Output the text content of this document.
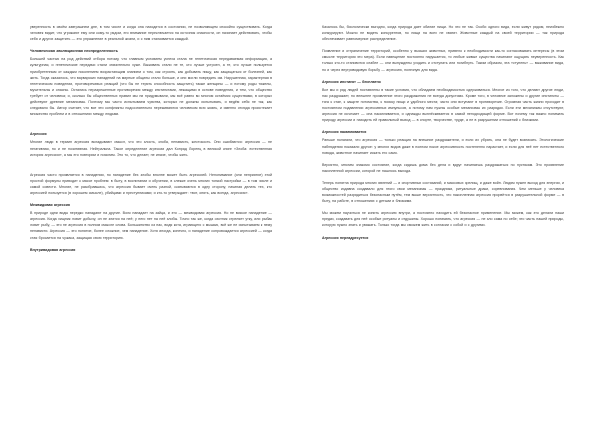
уверенность в своём завтрашнем дне, в том числе и когда она находится в состоянии, не позволяющем спокойно существовать. Когда человек видит, что угрожают ему или кому-то рядом, его внимание переключается на источник опасности, он начинает действовать, чтобы себя и других защитить — это упражнение в реальной жизни, и с ним сталкивается каждый.

Человеческая эволюционная неопределенность

Большей частью на род действий отбора потому, что главным условием успеха стала не генетическая передаваемая информация, а культурная, и генетические передачи стали значительно хуже. Выживать стали не те, кто лучше устроен, а те, кто лучше пользуется приобретенным от каждым поколением возрастающим знанием о том, как строить, как добывать пищу, как защищаться от болезней, как жить. Тогда оказалось, что варварских нападений на мирные общины стало больше, и они могли повредить им. Нарушенная, характерная в генетическом поведении, противоречивых реакций (что бы не терять способность защитить) также женщины — и потому роды тяжелы, мучительны и опасны. Остались неразрешенные противоречия между инстинктами, лежащими в основе поведения, и тем, что общество требует от человека; и, сколько бы общественных правил мы ни придумывали, мы всё равно во многом остаёмся существами, в которых действуют древние механизмы. Поэтому мы часто испытываем чувства, которых не должны испытывать, и ведём себя не так, как следовало бы. Автор считает, что все эти конфликты подсознательно переживаются человеком всю жизнь, и именно отсюда проистекает множество проблем и в отношениях между людьми.

Агрессия

Многие люди в термин агрессия вкладывают смысл, что это злость, злоба, ненависть, жестокость. Они ошибаются: агрессия — не негативная, но и не позитивная. Нейтральна. Такое определение агрессии дал Конрад Лоренц в великой книге «Злоба: естественная история агрессии», а мы его повторим и поясним. Это то, что делает, не иначе, чтобы жить.

Агрессия часто проявляется в нападении, но нападение без злобы вполне может быть агрессией. Непонимание (или неприятие) этой простой формулы приводит к массе проблем: в быту, в воспитании и обучении, в слежке очень многих тонкой настройки — в том числе и самой совести. Многие, не разобравшись, что агрессия бывает очень разной, скатываются в одну сторону, начиная делать тех, кто агрессией пользуется (в хорошем смысле), убийцами и преступниками; и кто-то утверждает: «вот, опять, как всегда, агрессия».

Межвидовая агрессия

В природе одни виды нередко нападают на другие. Волк нападает на зайца, и это — межвидовая агрессия. Но не всякое нападение — агрессия. Когда хищник ловит добычу, он не злится на неё; у него нет на неё злобы. Точно так же, когда охотник стреляет утку, или рыбак ловит рыбу, — это не агрессия в полном смысле слова. Большинство из нас, видя кота, играющего с мышью, всё же не испытываем к нему ненависти. Агрессия — это понятие, более сложное, чем нападение. Хотя иногда, конечно, и нападение сопровождается агрессией — когда стая бросается на чужака, защищая свою территорию.

Внутривидовая агрессия

Казалось бы, биологически выгодно, когда природа дает обилие пищи. Но это не так. Особи одного вида, если живут рядом, неизбежно конкурируют. Можно не видеть конкурентов, но пищи на всех не хватит. Животные каждый на своей территории — так природа обеспечивает равномерное распределение.

Появление и отграничение территорий, особенно у высших животных, привело к необходимости как-то согласовывать интересы (в этом смысле территория это мера). Если навещение постоянно нарушается, то любые живые существа начинают ощущать неуверенность. Как только кто-то становится слабее — они вынуждены уходить и отступать или погибнуть. Таким образом, эта «ступень» — выживание вида, но и через внутривидовую борьбу — агрессию, полезную для вида.

Агрессия инстинкт — бесплатно

Все мы и ряд людей поставлены в такие условия, что обладаем необходимостью сдерживаться. Многое из того, что делают другие люди, нас раздражает, но внешнее проявление этого раздражения не всегда допустимо. Кроме того, в человеке заложены и другие инстинкты — тяга к стае, к защите потомства, к поиску пищи и удобного места; часто они вступают в противоречие. Огромная часть жизни проходит в постоянном подавлении агрессивных импульсов, а потому нам нужны особые механизмы их разрядки. Если эти механизмы отсутствуют, агрессия не исчезает — она накапливается, и однажды выплёскивается в самой неподходящей форме. Вот почему так важно понимать природу агрессии и находить ей правильный выход — в спорте, творчестве, труде, а не в разрушении отношений с близкими.

Агрессия накапливается

Раньше полагали, что агрессия — только реакция на внешние раздражители, и если их убрать, она не будет возникать. Этологические наблюдения показали другое: у многих видов даже в полном покое агрессивность постепенно нарастает, и если для неё нет естественного повода, животное начинает искать его само.

Вероятно, многим знакомо состояние, когда сидишь дома без дела и вдруг начинаешь раздражаться по пустякам. Это проявление накопленной агрессии, которой не нашлось выхода.

Теперь понятна природа многих явлений — и спортивных состязаний, и массовых зрелищ, и даже войн. Людям нужен выход для энергии, и общество издавна создавало для этого свои механизмы — праздники, ритуальные драки, соревнования. Чем меньше у человека возможностей разрядиться безопасным путём, тем выше вероятность, что накопленная агрессия прорвётся в разрушительной форме — в быту, на работе, в отношениях с детьми и близкими.

Мы можем научиться не копить агрессию внутри, а постоянно находить ей безопасное применение. Мы можем, как это делали наши предки, создавать для неё особые ритуалы и отдушины. Хорошо понимать, что агрессия — не зло сама по себе; это часть нашей природы, которую нужно знать и уважать. Только тогда мы сможем жить в согласии с собой и с другими.

Агрессия переадресуется
